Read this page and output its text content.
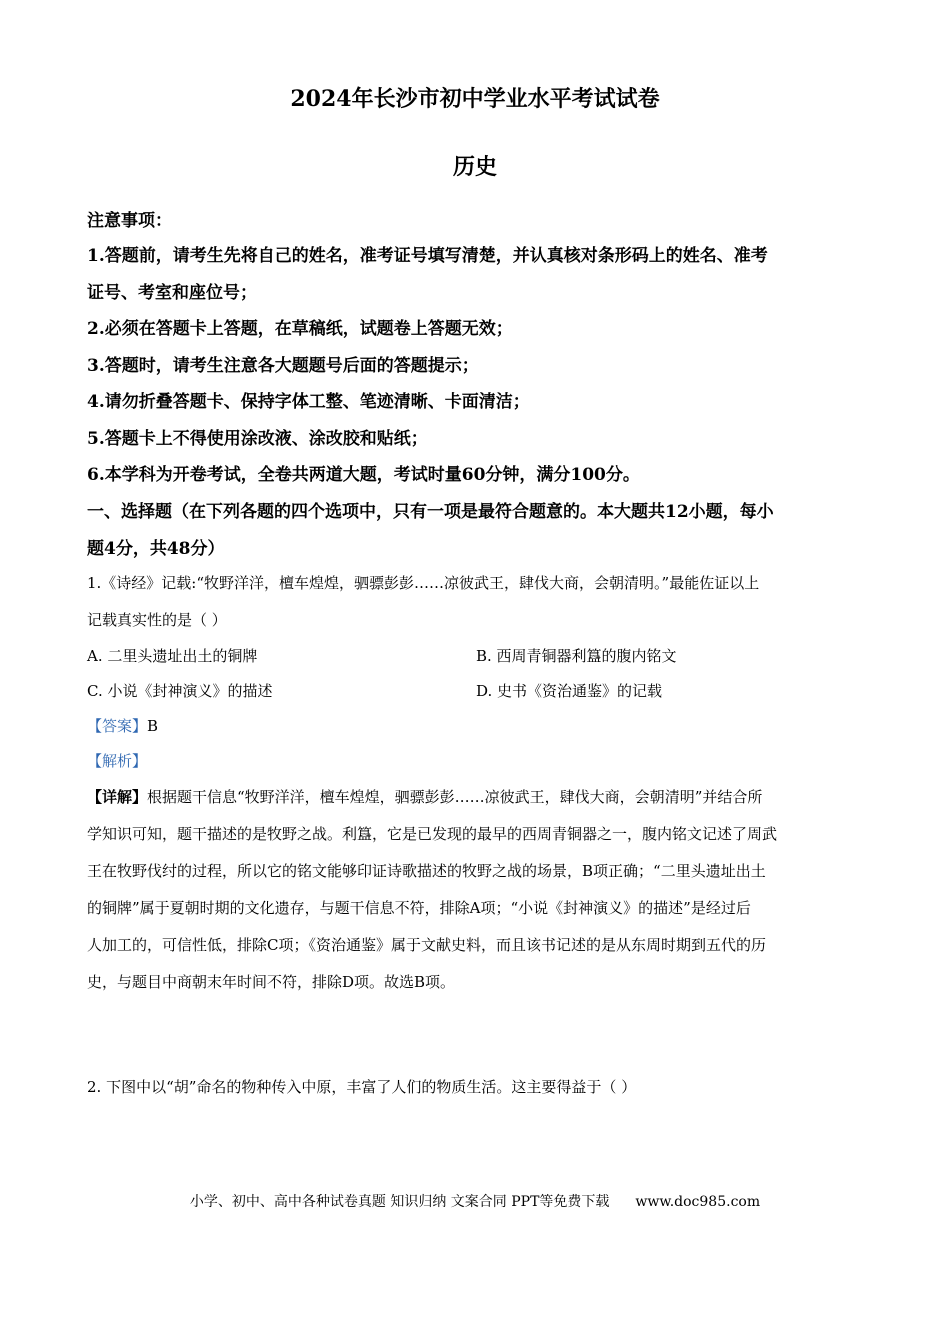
2024年长沙市初中学业水平考试试卷
历史
注意事项：
1.答题前，请考生先将自己的姓名，准考证号填写清楚，并认真核对条形码上的姓名、准考
证号、考室和座位号；
2.必须在答题卡上答题，在草稿纸，试题卷上答题无效；
3.答题时，请考生注意各大题题号后面的答题提示；
4.请勿折叠答题卡、保持字体工整、笔迹清晰、卡面清洁；
5.答题卡上不得使用涂改液、涂改胶和贴纸；
6.本学科为开卷考试，全卷共两道大题，考试时量60分钟，满分100分。
一、选择题（在下列各题的四个选项中，只有一项是最符合题意的。本大题共12小题，每小
题4分，共48分）
1.《诗经》记载:“牧野洋洋，檀车煌煌，驷骠彭彭……凉彼武王，肆伐大商，会朝清明。”最能佐证以上
记载真实性的是（ ）
A. 二里头遗址出土的铜牌	B. 西周青铜器利簋的腹内铭文
C. 小说《封神演义》的描述	D. 史书《资治通鉴》的记载
【答案】B
【解析】
【详解】根据题干信息“牧野洋洋，檀车煌煌，驷骠彭彭……凉彼武王，肆伐大商，会朝清明”并结合所
学知识可知，题干描述的是牧野之战。利簋，它是已发现的最早的西周青铜器之一，腹内铭文记述了周武
王在牧野伐纣的过程，所以它的铭文能够印证诗歌描述的牧野之战的场景，B项正确；“二里头遗址出土
的铜牌”属于夏朝时期的文化遗存，与题干信息不符，排除A项；“小说《封神演义》的描述”是经过后
人加工的，可信性低，排除C项；《资治通鉴》属于文献史料，而且该书记述的是从东周时期到五代的历
史，与题目中商朝末年时间不符，排除D项。故选B项。
2. 下图中以“胡”命名的物种传入中原，丰富了人们的物质生活。这主要得益于（ ）
小学、初中、高中各种试卷真题 知识归纳 文案合同 PPT等免费下载 www.doc985.com
